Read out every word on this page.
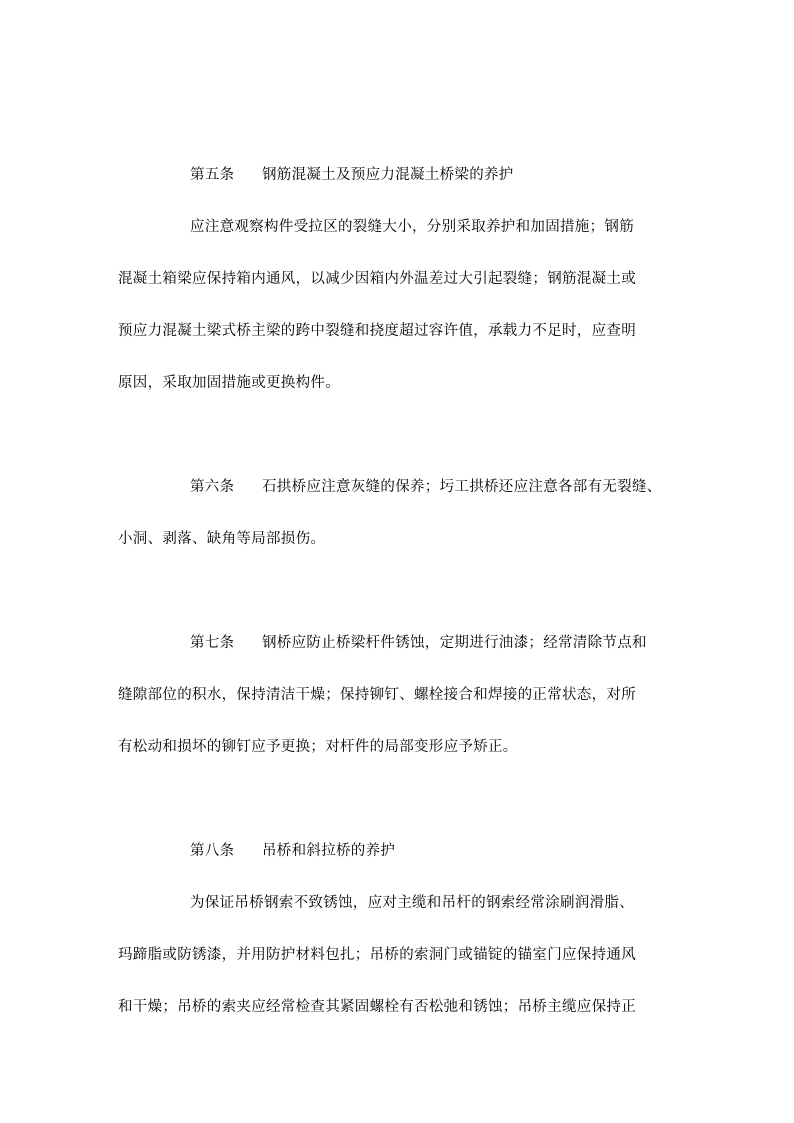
第五条 钢筋混凝土及预应力混凝土桥梁的养护
应注意观察构件受拉区的裂缝大小，分别采取养护和加固措施；钢筋
混凝土箱梁应保持箱内通风，以减少因箱内外温差过大引起裂缝；钢筋混凝土或
预应力混凝土梁式桥主梁的跨中裂缝和挠度超过容许值，承载力不足时，应查明
原因，采取加固措施或更换构件。
第六条 石拱桥应注意灰缝的保养；圬工拱桥还应注意各部有无裂缝、
小洞、剥落、缺角等局部损伤。
第七条 钢桥应防止桥梁杆件锈蚀，定期进行油漆；经常清除节点和
缝隙部位的积水，保持清洁干燥；保持铆钉、螺栓接合和焊接的正常状态，对所
有松动和损坏的铆钉应予更换；对杆件的局部变形应予矫正。
第八条 吊桥和斜拉桥的养护
为保证吊桥钢索不致锈蚀，应对主缆和吊杆的钢索经常涂刷润滑脂、
玛蹄脂或防锈漆，并用防护材料包扎；吊桥的索洞门或锚锭的锚室门应保持通风
和干燥；吊桥的索夹应经常检查其紧固螺栓有否松弛和锈蚀；吊桥主缆应保持正
